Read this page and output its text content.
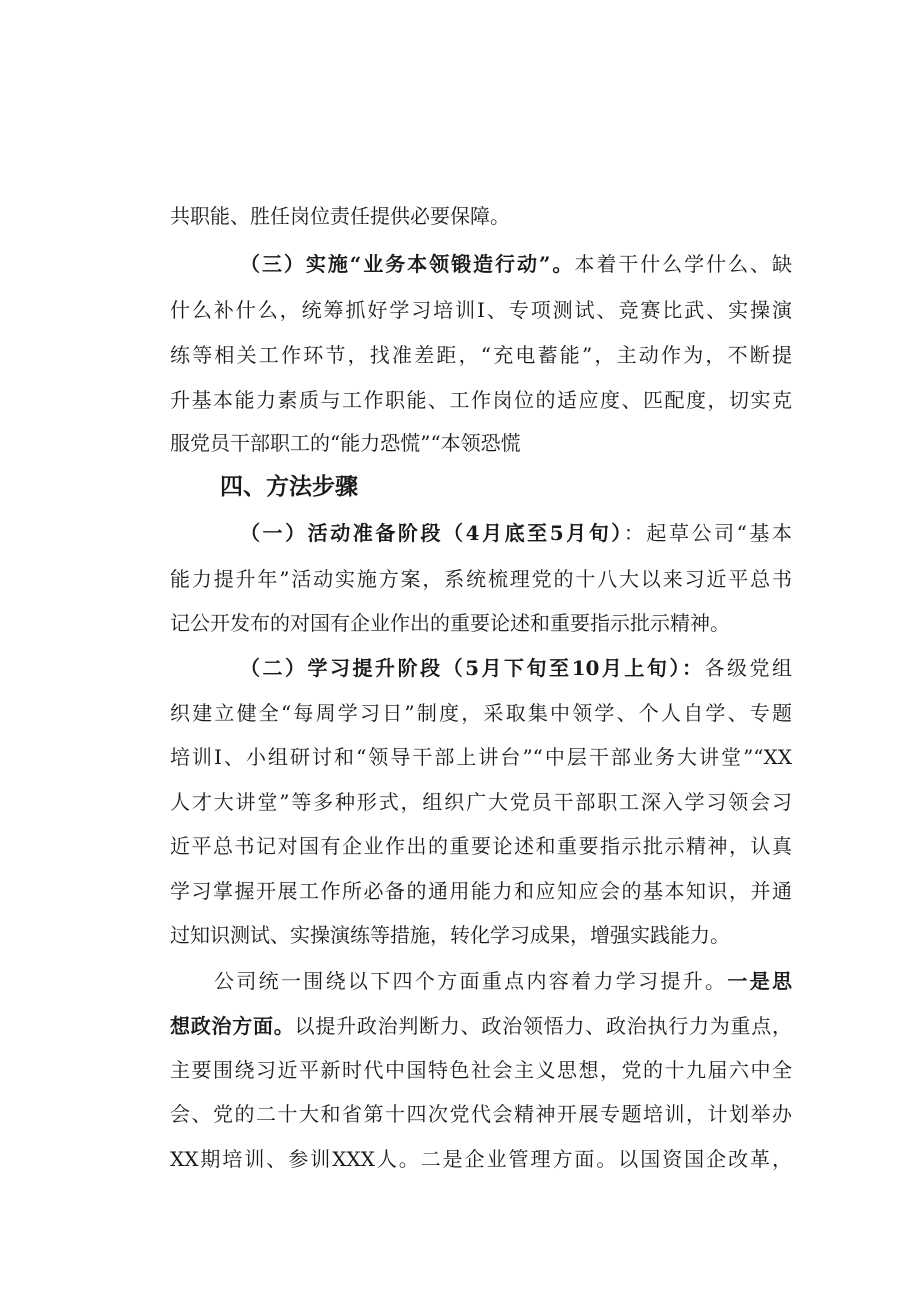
共职能、胜任岗位责任提供必要保障。
（三）实施“业务本领锻造行动”。本着干什么学什么、缺
什么补什么，统筹抓好学习培训Ⅰ、专项测试、竞赛比武、实操演
练等相关工作环节，找准差距，“充电蓄能”，主动作为，不断提
升基本能力素质与工作职能、工作岗位的适应度、匹配度，切实克
服党员干部职工的“能力恐慌”“本领恐慌
四、方法步骤
（一）活动准备阶段（4月底至5月旬）：起草公司“基本
能力提升年”活动实施方案，系统梳理党的十八大以来习近平总书
记公开发布的对国有企业作出的重要论述和重要指示批示精神。
（二）学习提升阶段（5月下旬至10月上旬）：各级党组
织建立健全“每周学习日”制度，采取集中领学、个人自学、专题
培训Ⅰ、小组研讨和“领导干部上讲台”“中层干部业务大讲堂”“XX
人才大讲堂”等多种形式，组织广大党员干部职工深入学习领会习
近平总书记对国有企业作出的重要论述和重要指示批示精神，认真
学习掌握开展工作所必备的通用能力和应知应会的基本知识，并通
过知识测试、实操演练等措施，转化学习成果，增强实践能力。
公司统一围绕以下四个方面重点内容着力学习提升。一是思
想政治方面。以提升政治判断力、政治领悟力、政治执行力为重点，
主要围绕习近平新时代中国特色社会主义思想，党的十九届六中全
会、党的二十大和省第十四次党代会精神开展专题培训，计划举办
XX期培训、参训XXX人。二是企业管理方面。以国资国企改革，
